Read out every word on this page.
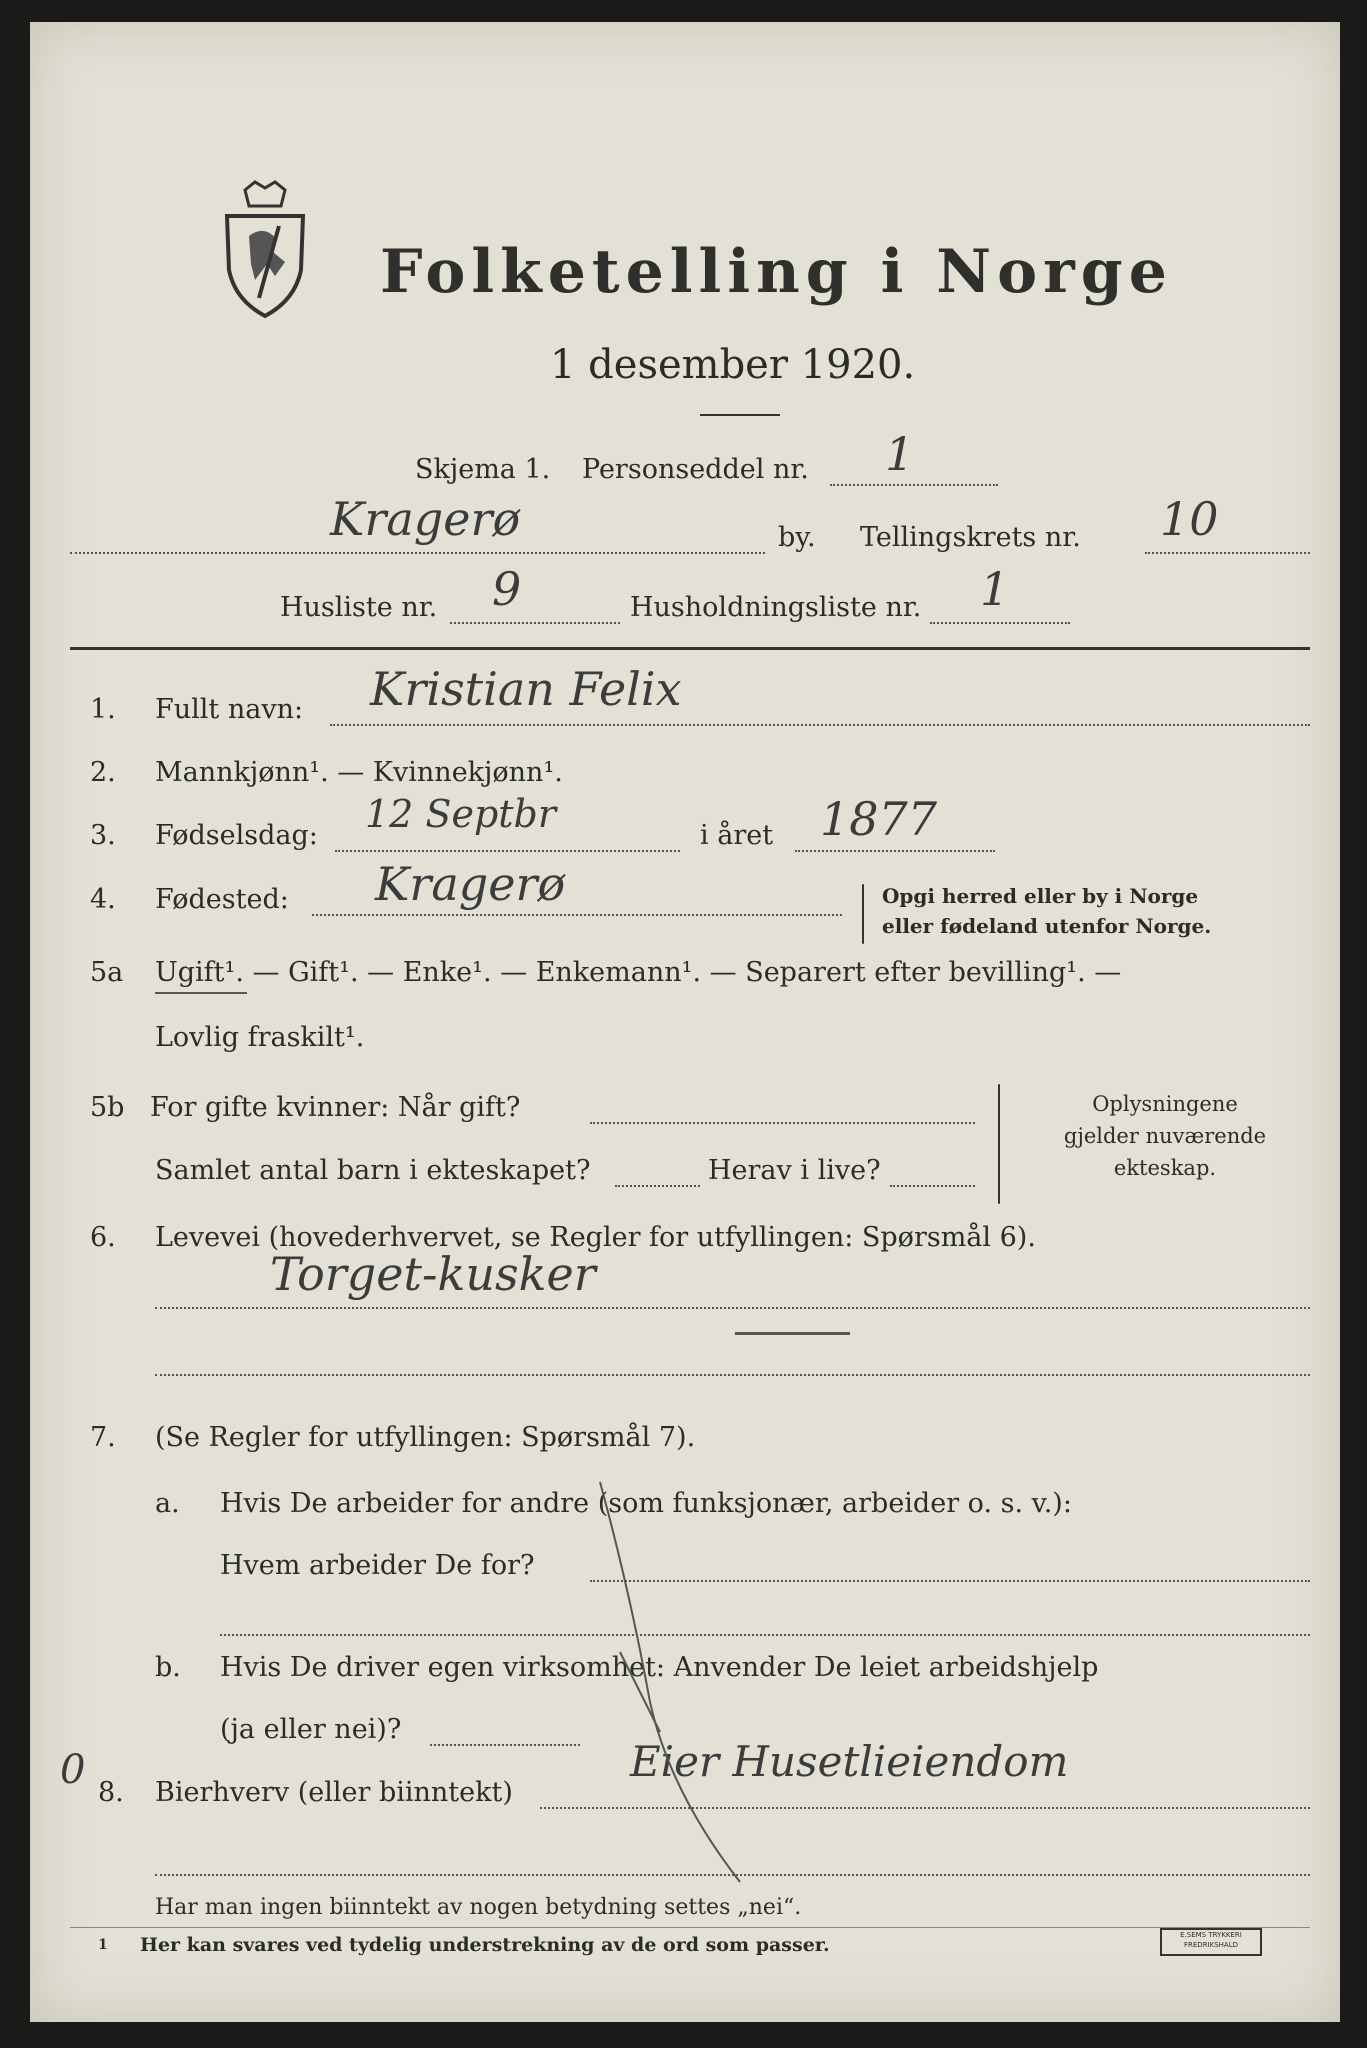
Folketelling i Norge
1 desember 1920.
Skjema 1. Personseddel nr. 1
Kragerø	by. Tellingskrets nr. 10
Husliste nr. 9	Husholdningsliste nr. 1
1. Fullt navn: Kristian Felix
2. Mannkjønn¹. — Kvinnekjønn¹.
3. Fødselsdag: 12 Septbr	i året 1877
4. Fødested: Kragerø	Opgi herred eller by i Norge
eller fødeland utenfor Norge.
5a Ugift¹. — Gift¹. — Enke¹. — Enkemann¹. — Separert efter bevilling¹. —
Lovlig fraskilt¹.
5b For gifte kvinner: Når gift?
Samlet antal barn i ekteskapet?	Herav i live?
Oplysningene
gjelder nuværende
ekteskap.
6. Levevei (hovederhvervet, se Regler for utfyllingen: Spørsmål 6).
Torget-kusker
7. (Se Regler for utfyllingen: Spørsmål 7).
a. Hvis De arbeider for andre (som funksjonær, arbeider o. s. v.):
Hvem arbeider De for?
b. Hvis De driver egen virksomhet: Anvender De leiet arbeidshjelp
(ja eller nei)?
0 8. Bierhverv (eller biinntekt)
Eier Husetlieiendom
Har man ingen biinntekt av nogen betydning settes „nei“.
1 Her kan svares ved tydelig understrekning av de ord som passer.	E.SEMS TRYKKERI
FREDRIKSHALD
